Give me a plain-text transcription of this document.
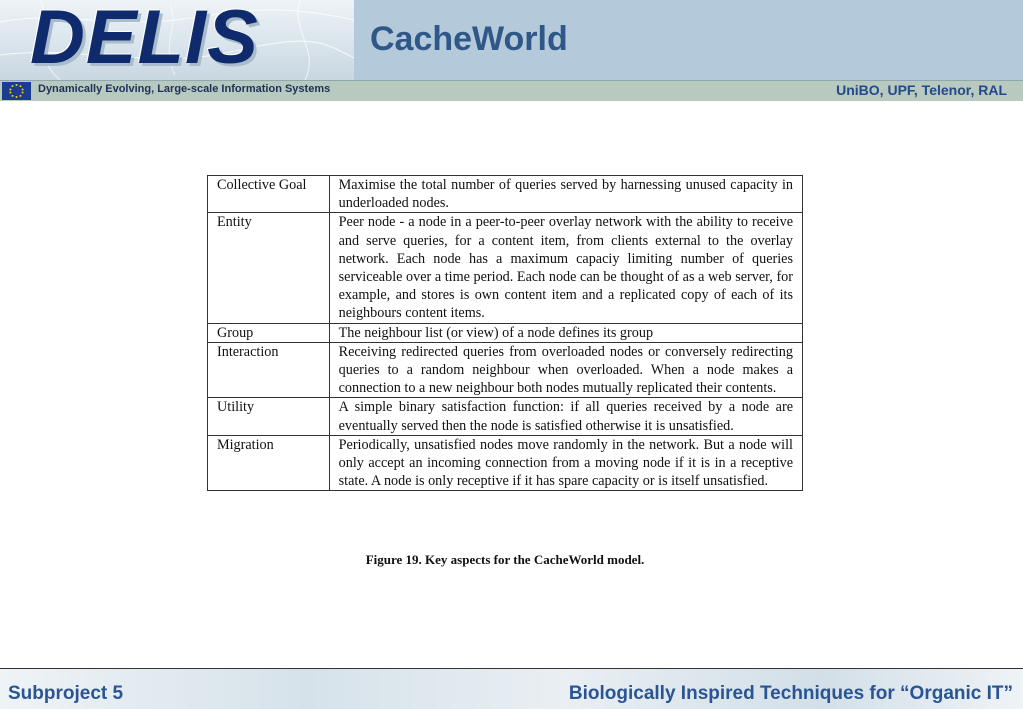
DELIS	CacheWorld
Dynamically Evolving, Large-scale Information Systems	UniBO, UPF, Telenor, RAL
Collective Goal	Maximise the total number of queries served by harnessing unused capacity in underloaded nodes.
Entity	Peer node - a node in a peer-to-peer overlay network with the ability to receive and serve queries, for a content item, from clients external to the overlay network. Each node has a maximum capaciy limiting number of queries serviceable over a time period. Each node can be thought of as a web server, for example, and stores is own content item and a replicated copy of each of its neighbours content items.
Group	The neighbour list (or view) of a node defines its group
Interaction	Receiving redirected queries from overloaded nodes or conversely redirecting queries to a random neighbour when overloaded. When a node makes a connection to a new neighbour both nodes mutually replicated their contents.
Utility	A simple binary satisfaction function: if all queries received by a node are eventually served then the node is satisfied otherwise it is unsatisfied.
Migration	Periodically, unsatisfied nodes move randomly in the network. But a node will only accept an incoming connection from a moving node if it is in a receptive state. A node is only receptive if it has spare capacity or is itself unsatisfied.
Figure 19. Key aspects for the CacheWorld model.
Subproject 5	Biologically Inspired Techniques for “Organic IT”
